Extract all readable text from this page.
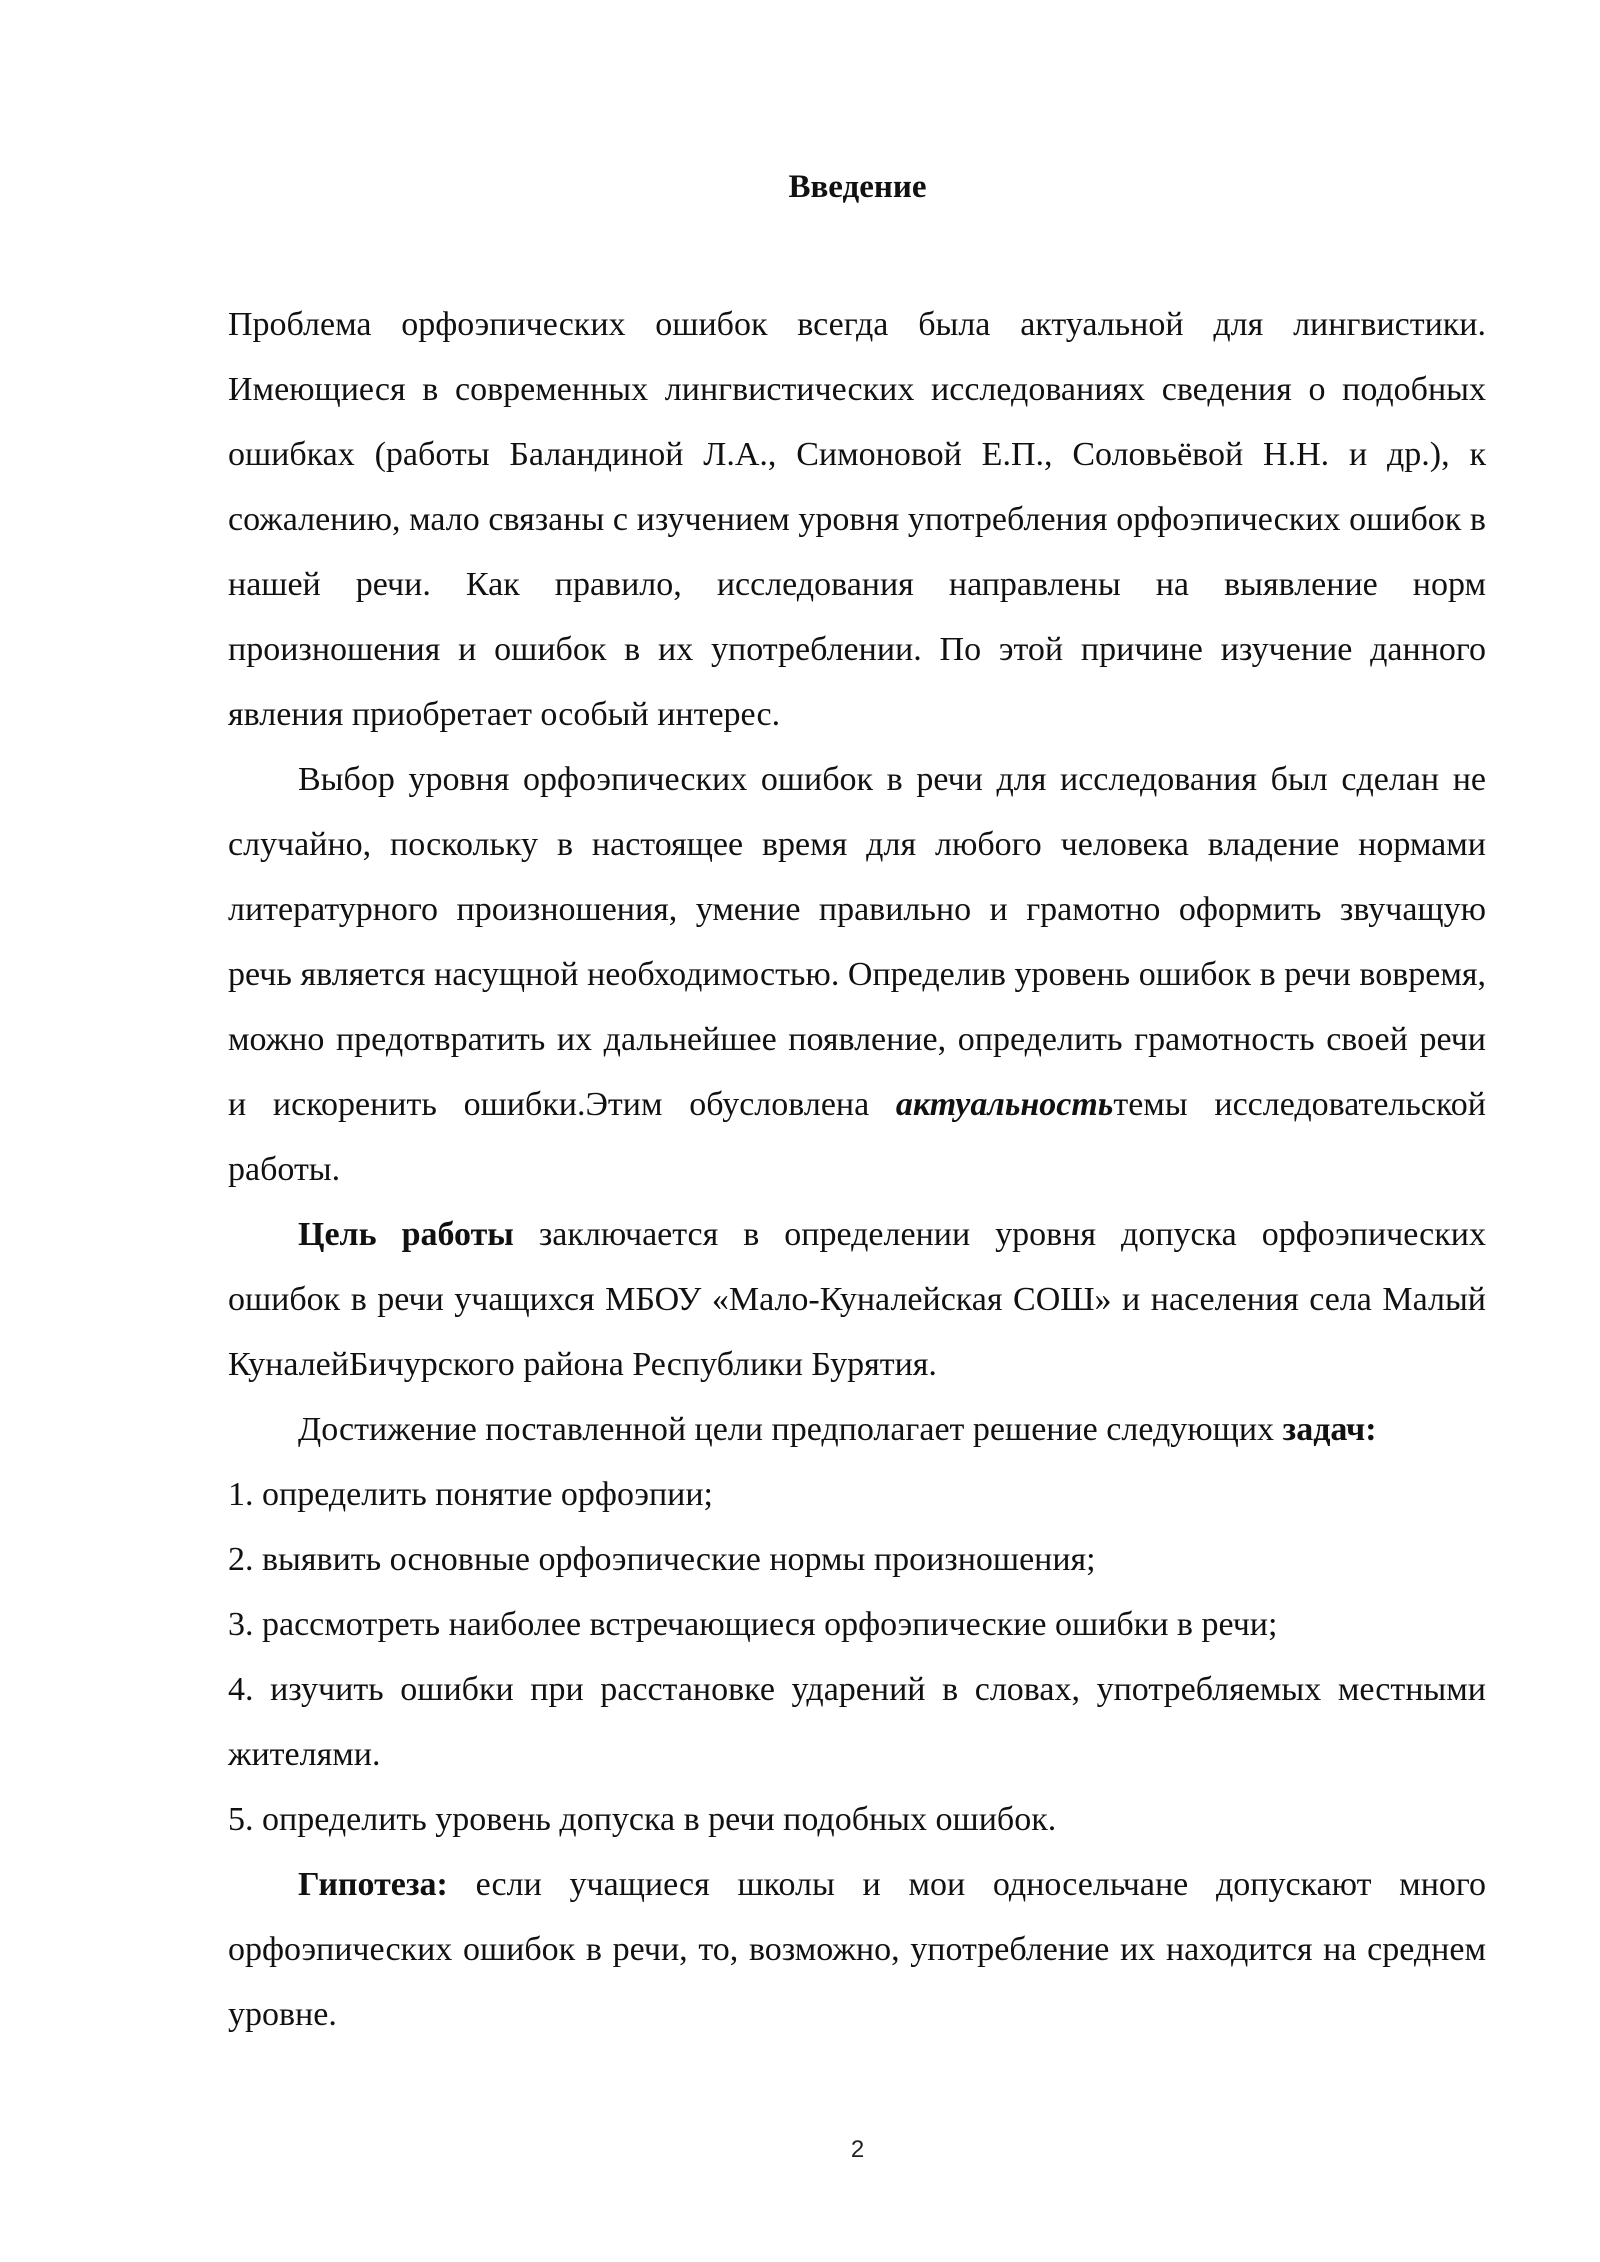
Введение

Проблема орфоэпических ошибок всегда была актуальной для лингвистики. Имеющиеся в современных лингвистических исследованиях сведения о подобных ошибках (работы Баландиной Л.А., Симоновой Е.П., Соловьёвой Н.Н. и др.), к сожалению, мало связаны с изучением уровня употребления орфоэпических ошибок в нашей речи. Как правило, исследования направлены на выявление норм произношения и ошибок в их употреблении. По этой причине изучение данного явления приобретает особый интерес.

Выбор уровня орфоэпических ошибок в речи для исследования был сделан не случайно, поскольку в настоящее время для любого человека владение нормами литературного произношения, умение правильно и грамотно оформить звучащую речь является насущной необходимостью. Определив уровень ошибок в речи вовремя, можно предотвратить их дальнейшее появление, определить грамотность своей речи и искоренить ошибки.Этим обусловлена актуальностьтемы исследовательской работы.

Цель работы заключается в определении уровня допуска орфоэпических ошибок в речи учащихся МБОУ «Мало-Куналейская СОШ» и населения села Малый КуналейБичурского района Республики Бурятия.

Достижение поставленной цели предполагает решение следующих задач:

1. определить понятие орфоэпии;

2. выявить основные орфоэпические нормы произношения;

3. рассмотреть наиболее встречающиеся орфоэпические ошибки в речи;

4. изучить ошибки при расстановке ударений в словах, употребляемых местными жителями.

5. определить уровень допуска в речи подобных ошибок.

Гипотеза: если учащиеся школы и мои односельчане допускают много орфоэпических ошибок в речи, то, возможно, употребление их находится на среднем уровне.

2
